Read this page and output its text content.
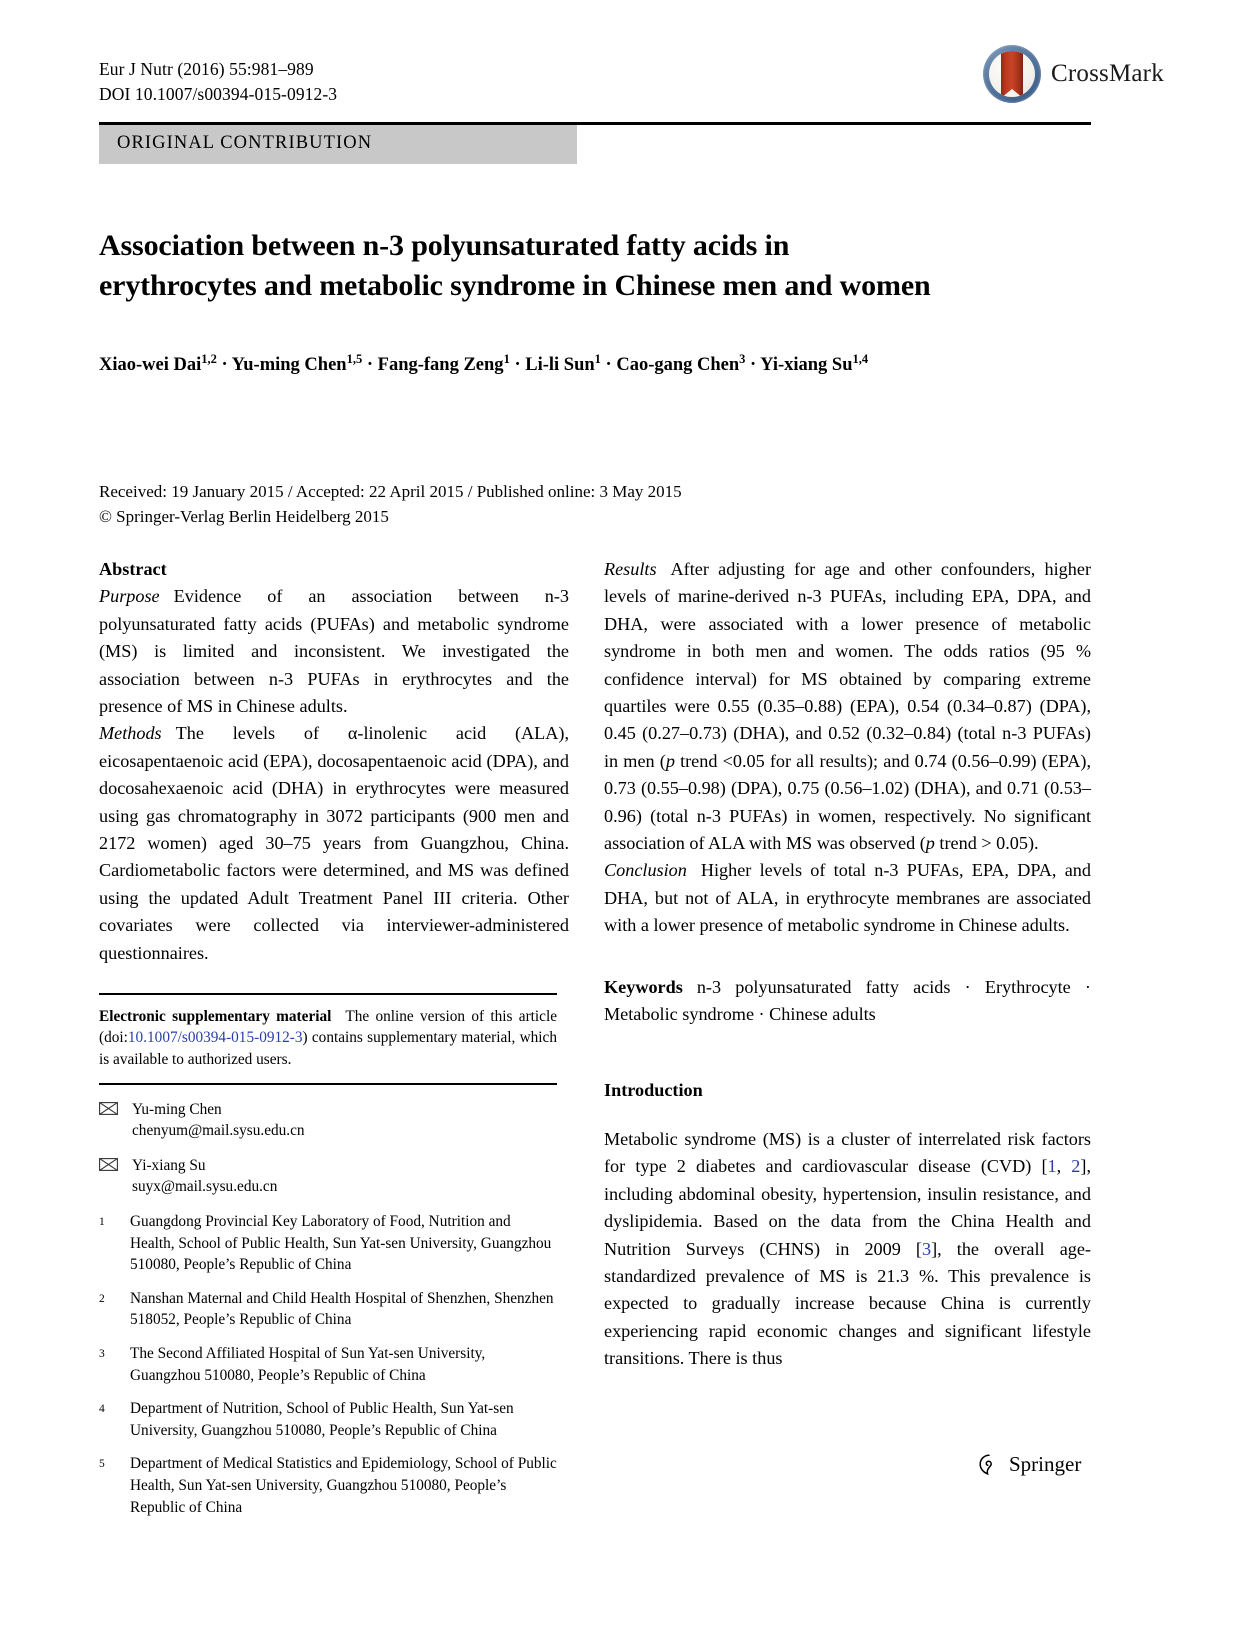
Eur J Nutr (2016) 55:981–989
DOI 10.1007/s00394-015-0912-3
CrossMark
ORIGINAL CONTRIBUTION
Association between n-3 polyunsaturated fatty acids in erythrocytes and metabolic syndrome in Chinese men and women
Xiao-wei Dai$^{1,2}$ · Yu-ming Chen$^{1,5}$ · Fang-fang Zeng$^1$ · Li-li Sun$^1$ · Cao-gang Chen$^3$ · Yi-xiang Su$^{1,4}$
Received: 19 January 2015 / Accepted: 22 April 2015 / Published online: 3 May 2015
© Springer-Verlag Berlin Heidelberg 2015
Abstract
Purpose Evidence of an association between n-3 polyunsaturated fatty acids (PUFAs) and metabolic syndrome (MS) is limited and inconsistent. We investigated the association between n-3 PUFAs in erythrocytes and the presence of MS in Chinese adults.
Methods The levels of α-linolenic acid (ALA), eicosapentaenoic acid (EPA), docosapentaenoic acid (DPA), and docosahexaenoic acid (DHA) in erythrocytes were measured using gas chromatography in 3072 participants (900 men and 2172 women) aged 30–75 years from Guangzhou, China. Cardiometabolic factors were determined, and MS was defined using the updated Adult Treatment Panel III criteria. Other covariates were collected via interviewer-administered questionnaires.
Electronic supplementary material The online version of this article (doi:10.1007/s00394-015-0912-3) contains supplementary material, which is available to authorized users.
Yu-ming Chen
chenyum@mail.sysu.edu.cn
Yi-xiang Su
suyx@mail.sysu.edu.cn
1	Guangdong Provincial Key Laboratory of Food, Nutrition and Health, School of Public Health, Sun Yat-sen University, Guangzhou 510080, People’s Republic of China
2	Nanshan Maternal and Child Health Hospital of Shenzhen, Shenzhen 518052, People’s Republic of China
3	The Second Affiliated Hospital of Sun Yat-sen University, Guangzhou 510080, People’s Republic of China
4	Department of Nutrition, School of Public Health, Sun Yat-sen University, Guangzhou 510080, People’s Republic of China
5	Department of Medical Statistics and Epidemiology, School of Public Health, Sun Yat-sen University, Guangzhou 510080, People’s Republic of China
Results After adjusting for age and other confounders, higher levels of marine-derived n-3 PUFAs, including EPA, DPA, and DHA, were associated with a lower presence of metabolic syndrome in both men and women. The odds ratios (95 % confidence interval) for MS obtained by comparing extreme quartiles were 0.55 (0.35–0.88) (EPA), 0.54 (0.34–0.87) (DPA), 0.45 (0.27–0.73) (DHA), and 0.52 (0.32–0.84) (total n-3 PUFAs) in men (p trend <0.05 for all results); and 0.74 (0.56–0.99) (EPA), 0.73 (0.55–0.98) (DPA), 0.75 (0.56–1.02) (DHA), and 0.71 (0.53–0.96) (total n-3 PUFAs) in women, respectively. No significant association of ALA with MS was observed (p trend > 0.05).
Conclusion Higher levels of total n-3 PUFAs, EPA, DPA, and DHA, but not of ALA, in erythrocyte membranes are associated with a lower presence of metabolic syndrome in Chinese adults.
Keywords n-3 polyunsaturated fatty acids · Erythrocyte · Metabolic syndrome · Chinese adults
Introduction
Metabolic syndrome (MS) is a cluster of interrelated risk factors for type 2 diabetes and cardiovascular disease (CVD) [1, 2], including abdominal obesity, hypertension, insulin resistance, and dyslipidemia. Based on the data from the China Health and Nutrition Surveys (CHNS) in 2009 [3], the overall age-standardized prevalence of MS is 21.3 %. This prevalence is expected to gradually increase because China is currently experiencing rapid economic changes and significant lifestyle transitions. There is thus
Springer
